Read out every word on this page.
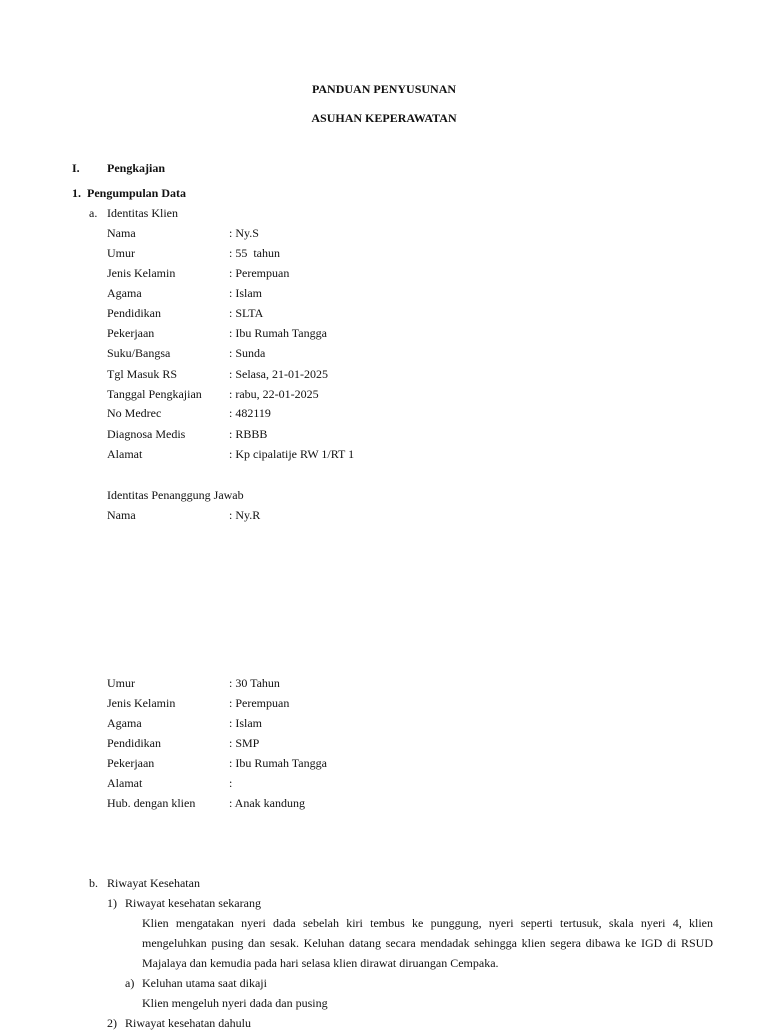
PANDUAN PENYUSUNAN
ASUHAN KEPERAWATAN
I. Pengkajian
1.  Pengumpulan Data
a. Identitas Klien
Nama	: Ny.S
Umur	: 55  tahun
Jenis Kelamin	: Perempuan
Agama	: Islam
Pendidikan	: SLTA
Pekerjaan	: Ibu Rumah Tangga
Suku/Bangsa	: Sunda
Tgl Masuk RS	: Selasa, 21-01-2025
Tanggal Pengkajian : rabu, 22-01-2025
No Medrec	: 482119
Diagnosa Medis	: RBBB
Alamat	: Kp cipalatije RW 1/RT 1
Identitas Penanggung Jawab
Nama	: Ny.R
Umur	: 30 Tahun
Jenis Kelamin	: Perempuan
Agama	: Islam
Pendidikan	: SMP
Pekerjaan	: Ibu Rumah Tangga
Alamat	:
Hub. dengan klien	: Anak kandung
b. Riwayat Kesehatan
1) Riwayat kesehatan sekarang
Klien mengatakan nyeri dada sebelah kiri tembus ke punggung, nyeri seperti tertusuk, skala nyeri 4, klien mengeluhkan pusing dan sesak. Keluhan datang secara mendadak sehingga klien segera dibawa ke IGD di RSUD Majalaya dan kemudia pada hari selasa klien dirawat diruangan Cempaka.
a) Keluhan utama saat dikaji
Klien mengeluh nyeri dada dan pusing
2) Riwayat kesehatan dahulu
